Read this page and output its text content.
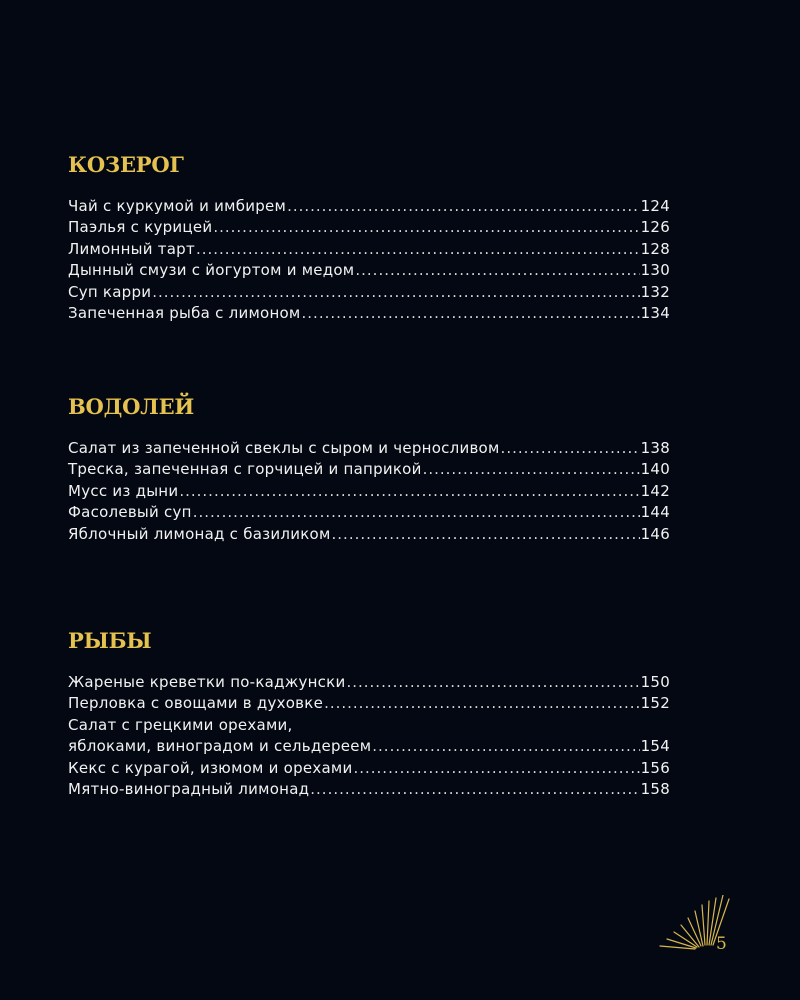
КОЗЕРОГ
Чай с куркумой и имбирем .....	124
Паэлья с курицей .....	126
Лимонный тарт .....	128
Дынный смузи с йогуртом и медом .....	130
Суп карри .....	132
Запеченная рыба с лимоном .....	134
ВОДОЛЕЙ
Салат из запеченной свеклы с сыром и черносливом .....	138
Треска, запеченная с горчицей и паприкой .....	140
Мусс из дыни .....	142
Фасолевый суп .....	144
Яблочный лимонад с базиликом .....	146
РЫБЫ
Жареные креветки по-каджунски .....	150
Перловка с овощами в духовке .....	152
Салат с грецкими орехами,
яблоками, виноградом и сельдереем .....	154
Кекс с курагой, изюмом и орехами .....	156
Мятно-виноградный лимонад .....	158
5
